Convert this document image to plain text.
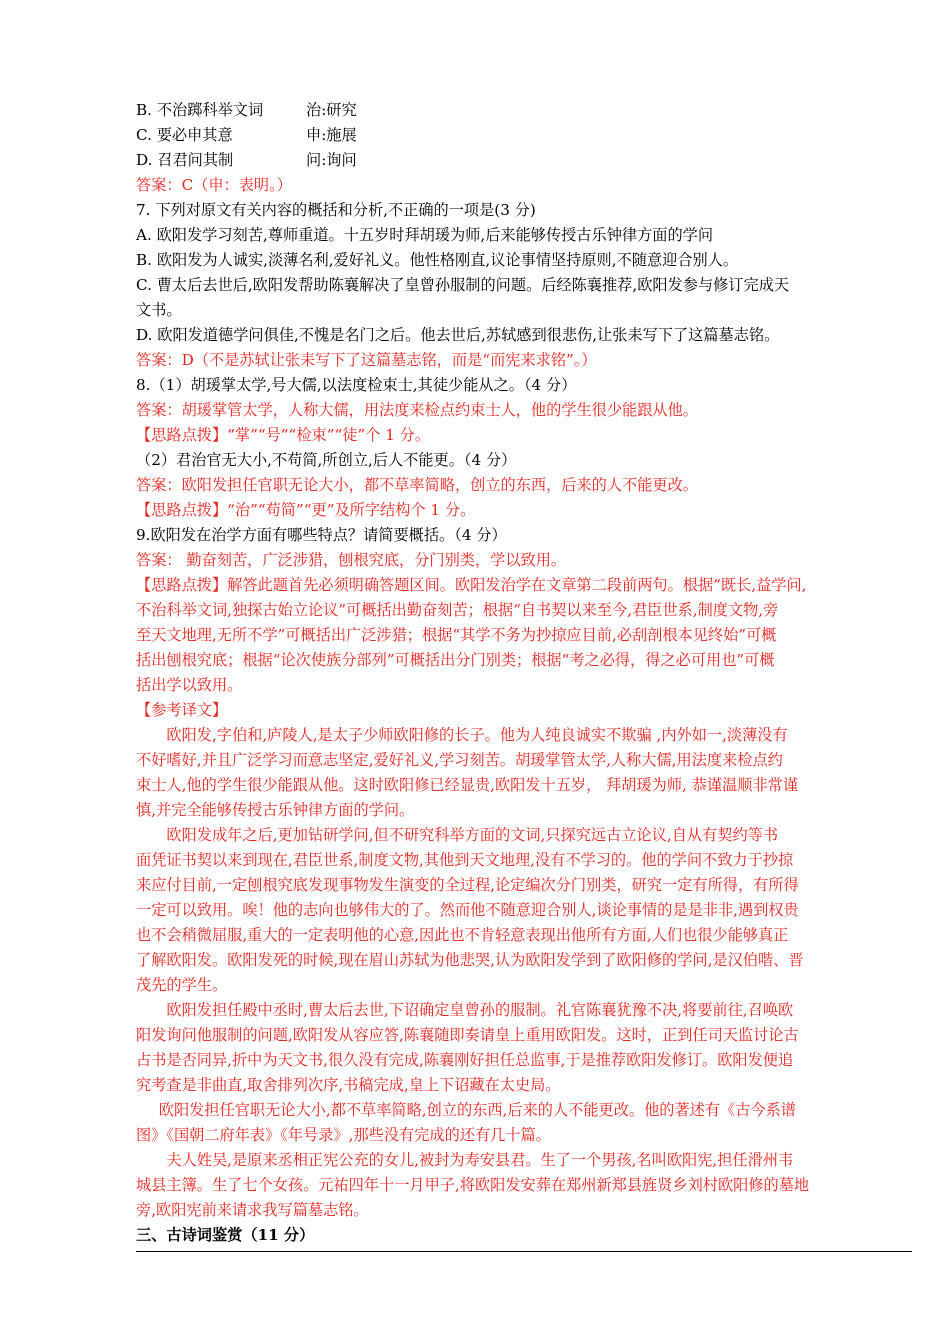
B. 不治踯科举文词	治:研究
C. 要必申其意	申:施展
D. 召君问其制	问:询问
答案：C（申：表明。）
7. 下列对原文有关内容的概括和分析,不正确的一项是(3 分)
A. 欧阳发学习刻苦,尊师重道。十五岁时拜胡瑗为师,后来能够传授古乐钟律方面的学问
B. 欧阳发为人诚实,淡薄名利,爱好礼义。他性格刚直,议论事情坚持原则,不随意迎合别人。
C. 曹太后去世后,欧阳发帮助陈襄解决了皇曾孙服制的问题。后经陈襄推荐,欧阳发参与修订完成天
文书。
D. 欧阳发道德学问俱佳,不愧是名门之后。他去世后,苏轼感到很悲伤,让张耒写下了这篇墓志铭。
答案：D（不是苏轼让张耒写下了这篇墓志铭，而是“而宪来求铭”。）
8.（1）胡瑗掌太学,号大儒,以法度检束士,其徒少能从之。（4 分）
答案：胡瑗掌管太学，人称大儒，用法度来检点约束士人，他的学生很少能跟从他。
【思路点拨】“掌”“号”“检束”“徒”个 1 分。
（2）君治官无大小,不苟简,所创立,后人不能更。（4 分）
答案：欧阳发担任官职无论大小，都不草率简略，创立的东西，后来的人不能更改。
【思路点拨】“治”“苟简”“更”及所字结构个 1 分。
9.欧阳发在治学方面有哪些特点？请简要概括。（4 分）
答案： 勤奋刻苦，广泛涉猎，刨根究底，分门别类，学以致用。
【思路点拨】解答此题首先必须明确答题区间。欧阳发治学在文章第二段前两句。根据“既长,益学问,
不治科举文词,独探古始立论议”可概括出勤奋刻苦；根据“自书契以来至今,君臣世系,制度文物,旁
至天文地理,无所不学”可概括出广泛涉猎；根据“其学不务为抄掠应目前,必刮剖根本见终始”可概
括出刨根究底；根据“论次使族分部列”可概括出分门别类；根据“考之必得，得之必可用也”可概
括出学以致用。
【参考译文】
欧阳发,字伯和,庐陵人,是太子少师欧阳修的长子。他为人纯良诚实不欺骗 ,内外如一,淡薄没有
不好嗜好,并且广泛学习而意志坚定,爱好礼义,学习刻苦。胡瑗掌管太学,人称大儒,用法度来检点约
束士人,他的学生很少能跟从他。这时欧阳修已经显贵,欧阳发十五岁， 拜胡瑗为师, 恭谨温顺非常谨
慎,并完全能够传授古乐钟律方面的学问。
欧阳发成年之后,更加钻研学问,但不研究科举方面的文词,只探究远古立论议,自从有契约等书
面凭证书契以来到现在,君臣世系,制度文物,其他到天文地理,没有不学习的。他的学问不致力于抄掠
来应付目前,一定刨根究底发现事物发生演变的全过程,论定编次分门别类，研究一定有所得，有所得
一定可以致用。唉！他的志向也够伟大的了。然而他不随意迎合别人,谈论事情的是是非非,遇到权贵
也不会稍微屈服,重大的一定表明他的心意,因此也不肯轻意表现出他所有方面,人们也很少能够真正
了解欧阳发。欧阳发死的时候,现在眉山苏轼为他悲哭,认为欧阳发学到了欧阳修的学问,是汉伯喈、晋
茂先的学生。
欧阳发担任殿中丞时,曹太后去世,下诏确定皇曾孙的服制。礼官陈襄犹豫不决,将要前往,召唤欧
阳发询问他服制的问题,欧阳发从容应答,陈襄随即奏请皇上重用欧阳发。这时，正到任司天监讨论古
占书是否同异,折中为天文书,很久没有完成,陈襄刚好担任总监事,于是推荐欧阳发修订。欧阳发便追
究考查是非曲直,取舍排列次序,书稿完成,皇上下诏藏在太史局。
欧阳发担任官职无论大小,都不草率简略,创立的东西,后来的人不能更改。他的著述有《古今系谱
图》《国朝二府年表》《年号录》,那些没有完成的还有几十篇。
夫人姓吴,是原来丞相正宪公充的女儿,被封为寿安县君。生了一个男孩,名叫欧阳宪,担任滑州韦
城县主簿。生了七个女孩。元祐四年十一月甲子,将欧阳发安葬在郑州新郑县旌贤乡刘村欧阳修的墓地
旁,欧阳宪前来请求我写篇墓志铭。
三、古诗词鉴赏（11 分）
